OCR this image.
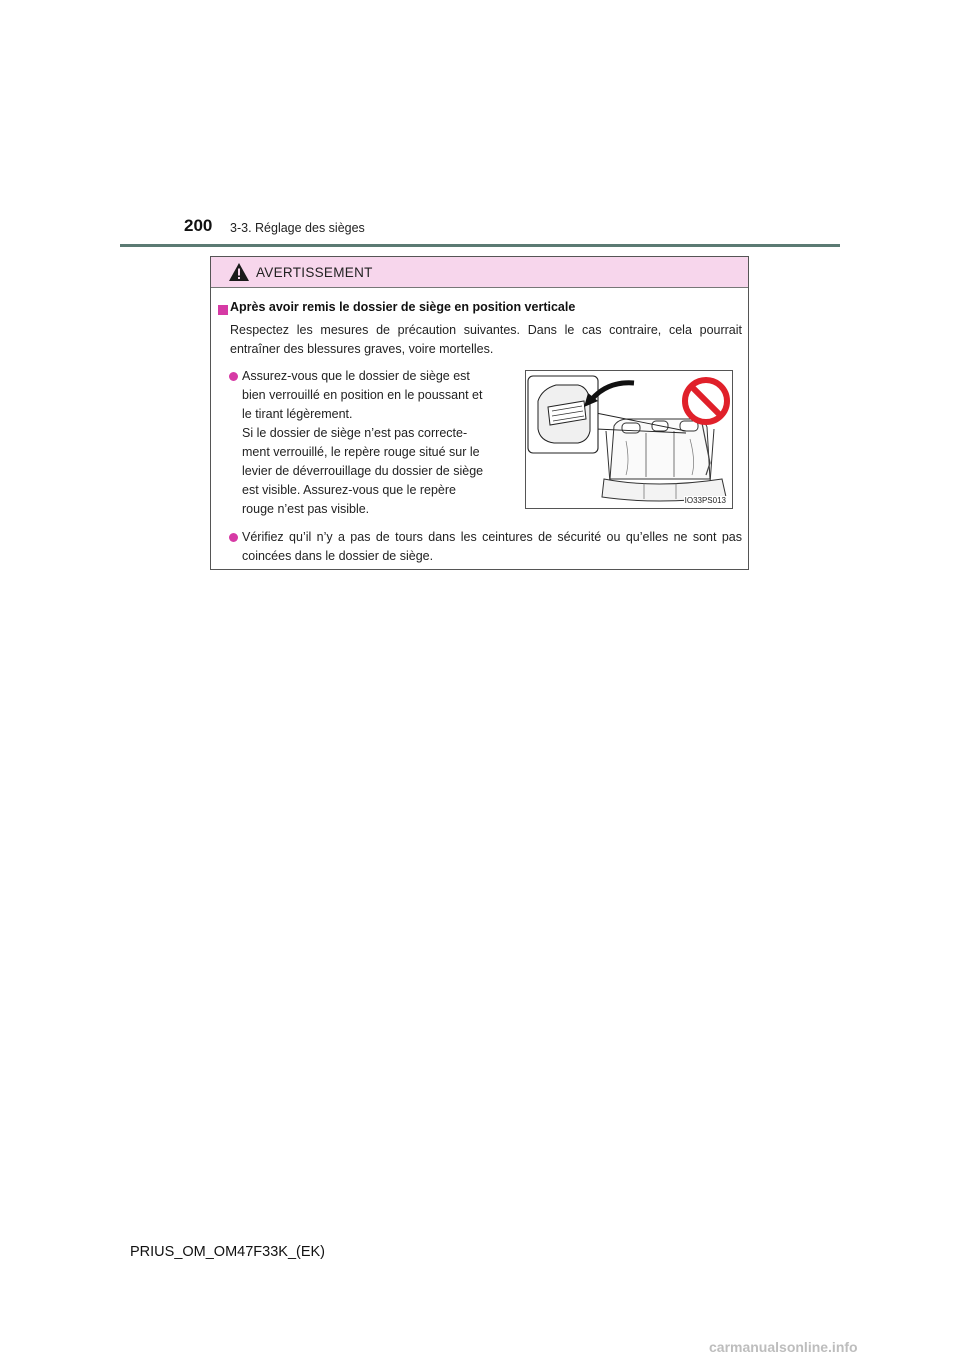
200 3-3. Réglage des sièges
AVERTISSEMENT
Après avoir remis le dossier de siège en position verticale
Respectez les mesures de précaution suivantes. Dans le cas contraire, cela pourrait entraîner des blessures graves, voire mortelles.
Assurez-vous que le dossier de siège est
bien verrouillé en position en le poussant et
le tirant légèrement.
Si le dossier de siège n’est pas correcte-
ment verrouillé, le repère rouge situé sur le
levier de déverrouillage du dossier de siège
est visible. Assurez-vous que le repère
rouge n’est pas visible.
IO33PS013
Vérifiez qu’il n’y a pas de tours dans les ceintures de sécurité ou qu’elles ne sont pas coincées dans le dossier de siège.
PRIUS_OM_OM47F33K_(EK)
carmanualsonline.info
